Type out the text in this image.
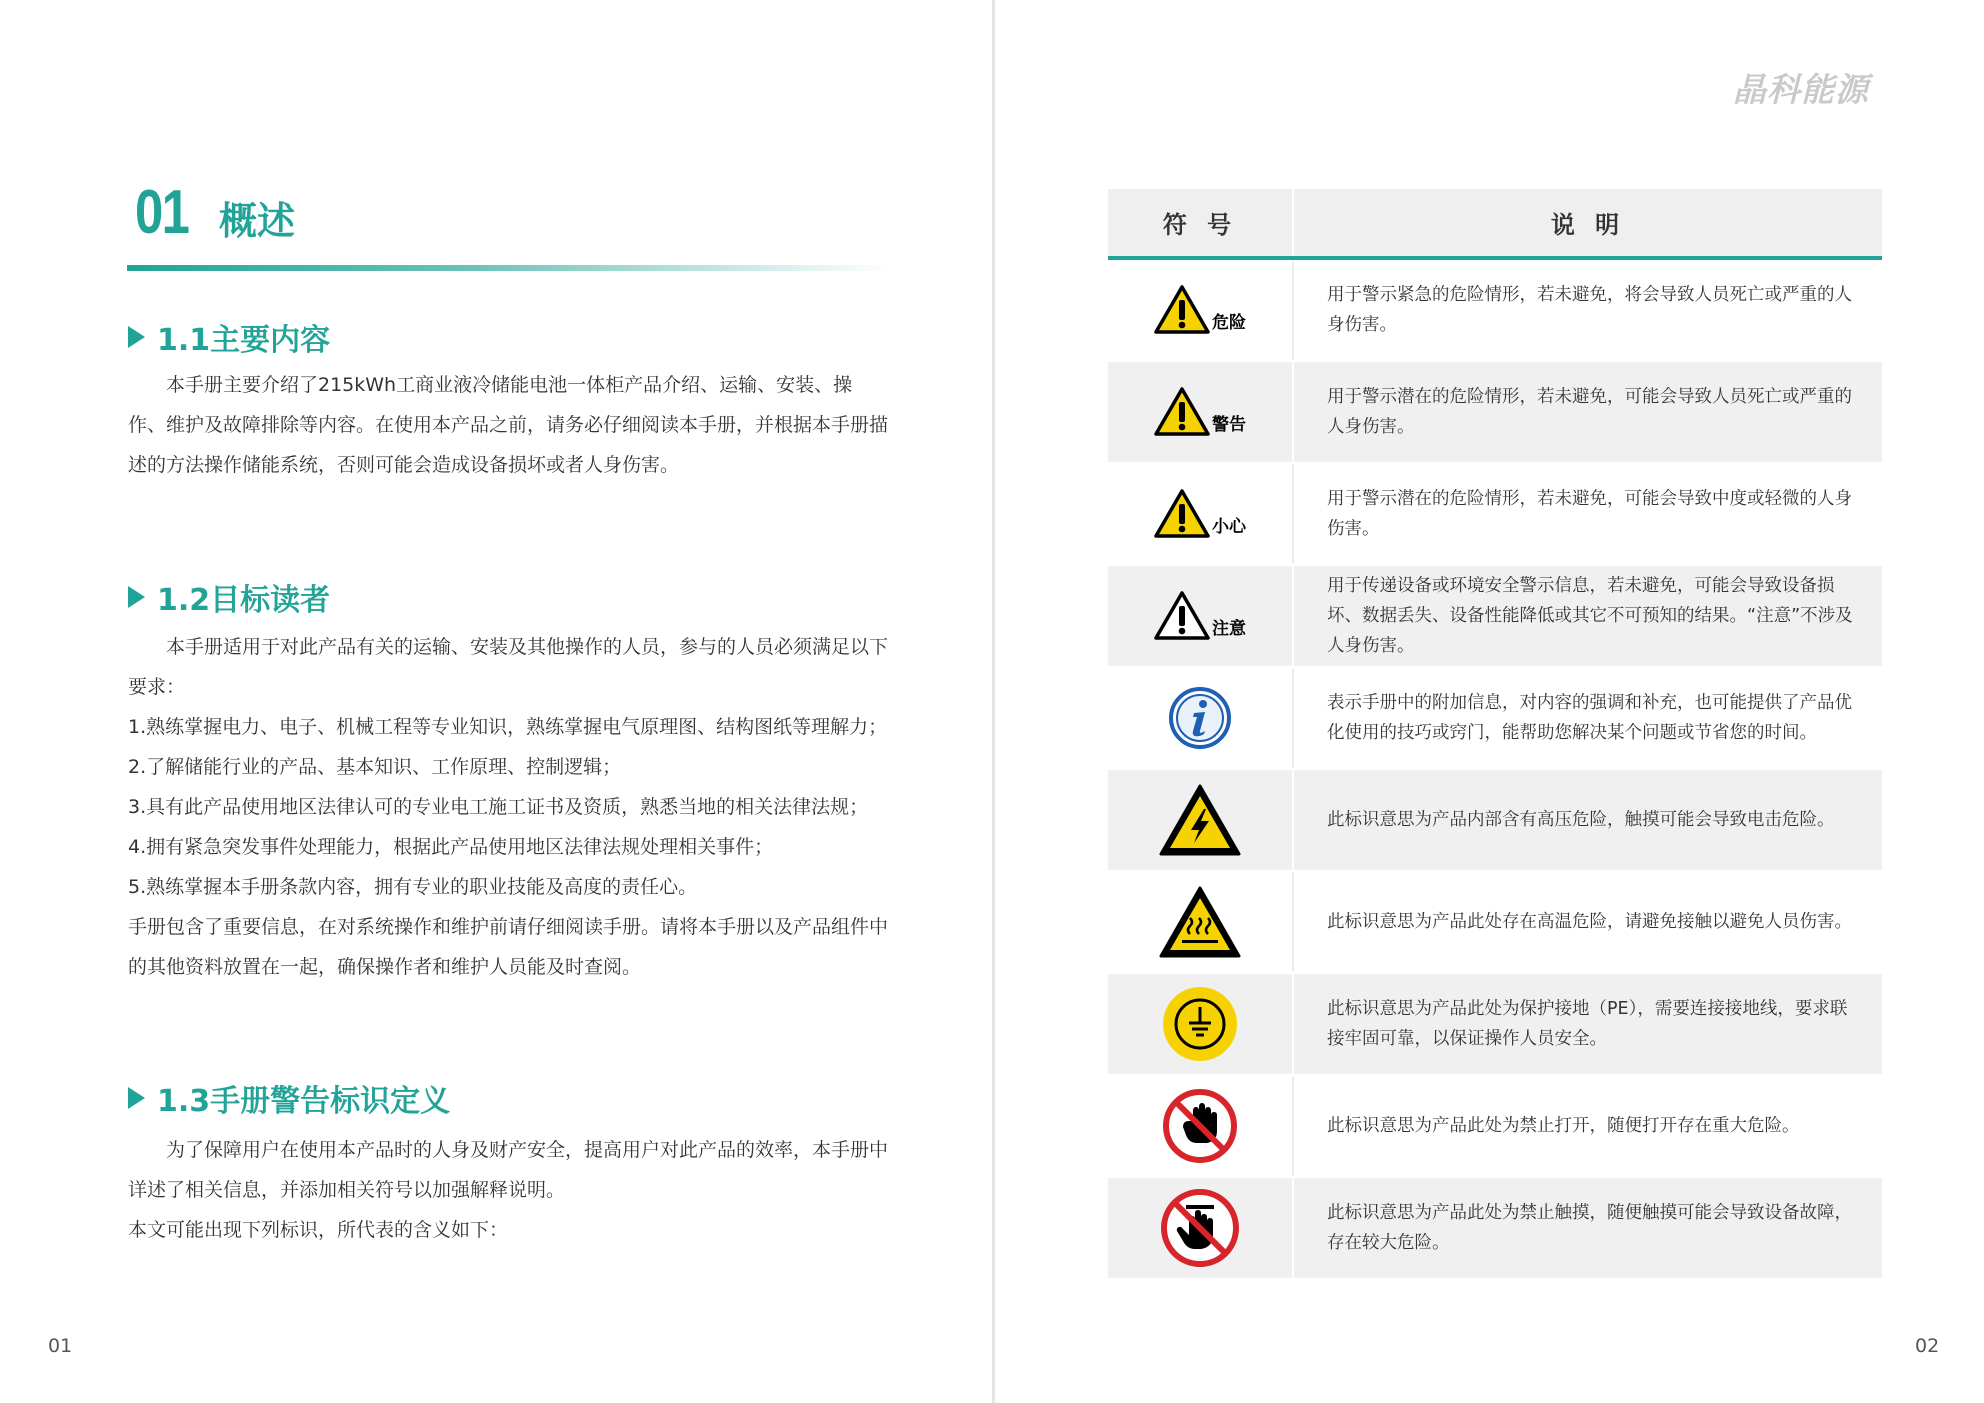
01 概述
1.1主要内容
本手册主要介绍了215kWh工商业液冷储能电池一体柜产品介绍、运输、安装、操作、维护及故障排除等内容。在使用本产品之前，请务必仔细阅读本手册，并根据本手册描述的方法操作储能系统，否则可能会造成设备损坏或者人身伤害。
1.2目标读者
本手册适用于对此产品有关的运输、安装及其他操作的人员，参与的人员必须满足以下要求：
1.熟练掌握电力、电子、机械工程等专业知识，熟练掌握电气原理图、结构图纸等理解力；
2.了解储能行业的产品、基本知识、工作原理、控制逻辑；
3.具有此产品使用地区法律认可的专业电工施工证书及资质，熟悉当地的相关法律法规；
4.拥有紧急突发事件处理能力，根据此产品使用地区法律法规处理相关事件；
5.熟练掌握本手册条款内容，拥有专业的职业技能及高度的责任心。
手册包含了重要信息，在对系统操作和维护前请仔细阅读手册。请将本手册以及产品组件中的其他资料放置在一起，确保操作者和维护人员能及时查阅。
1.3手册警告标识定义
为了保障用户在使用本产品时的人身及财产安全，提高用户对此产品的效率，本手册中详述了相关信息，并添加相关符号以加强解释说明。
本文可能出现下列标识，所代表的含义如下：
01	02
晶科能源
符 号	说 明
危险
用于警示紧急的危险情形，若未避免，将会导致人员死亡或严重的人身伤害。
警告
用于警示潜在的危险情形，若未避免，可能会导致人员死亡或严重的人身伤害。
小心
用于警示潜在的危险情形，若未避免，可能会导致中度或轻微的人身伤害。
注意
用于传递设备或环境安全警示信息，若未避免，可能会导致设备损坏、数据丢失、设备性能降低或其它不可预知的结果。“注意”不涉及人身伤害。
表示手册中的附加信息，对内容的强调和补充，也可能提供了产品优化使用的技巧或窍门，能帮助您解决某个问题或节省您的时间。
此标识意思为产品内部含有高压危险，触摸可能会导致电击危险。
此标识意思为产品此处存在高温危险，请避免接触以避免人员伤害。
此标识意思为产品此处为保护接地（PE），需要连接接地线，要求联接牢固可靠，以保证操作人员安全。
此标识意思为产品此处为禁止打开，随便打开存在重大危险。
此标识意思为产品此处为禁止触摸，随便触摸可能会导致设备故障，存在较大危险。
